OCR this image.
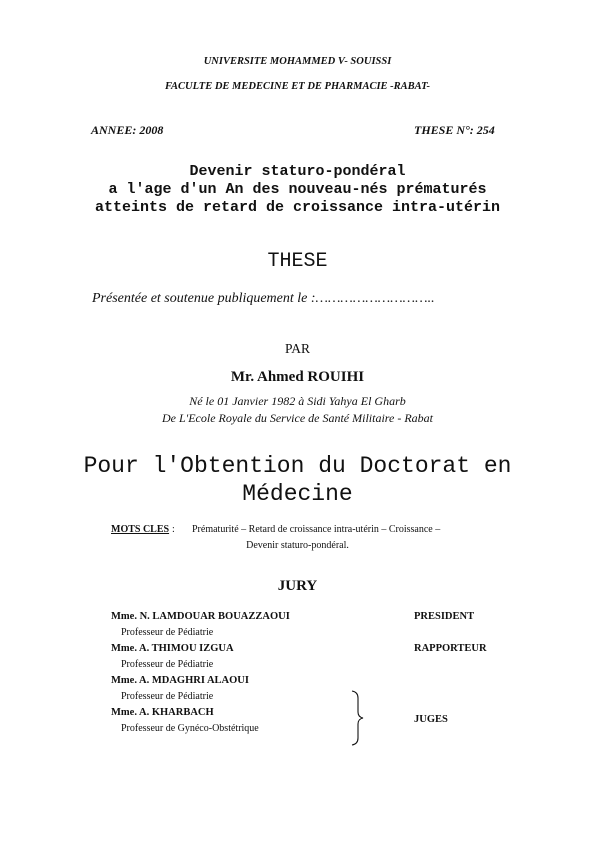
UNIVERSITE MOHAMMED V- SOUISSI
FACULTE DE MEDECINE ET DE PHARMACIE -RABAT-
ANNEE: 2008	THESE N°: 254
Devenir staturo-pondéral
a l'age d'un An des nouveau-nés prématurés
atteints de retard de croissance intra-utérin
THESE
Présentée et soutenue publiquement le :………………………..
PAR
Mr. Ahmed ROUIHI
Né le 01 Janvier 1982 à Sidi Yahya El Gharb
De L'Ecole Royale du Service de Santé Militaire - Rabat
Pour l'Obtention du Doctorat en
Médecine
MOTS CLES : Prématurité – Retard de croissance intra-utérin – Croissance –
Devenir staturo-pondéral.
JURY
Mme. N. LAMDOUAR BOUAZZAOUI
Professeur de Pédiatrie
PRESIDENT
Mme. A. THIMOU IZGUA
Professeur de Pédiatrie
RAPPORTEUR
Mme. A. MDAGHRI ALAOUI
Professeur de Pédiatrie
Mme. A. KHARBACH
Professeur de Gynéco-Obstétrique
JUGES
